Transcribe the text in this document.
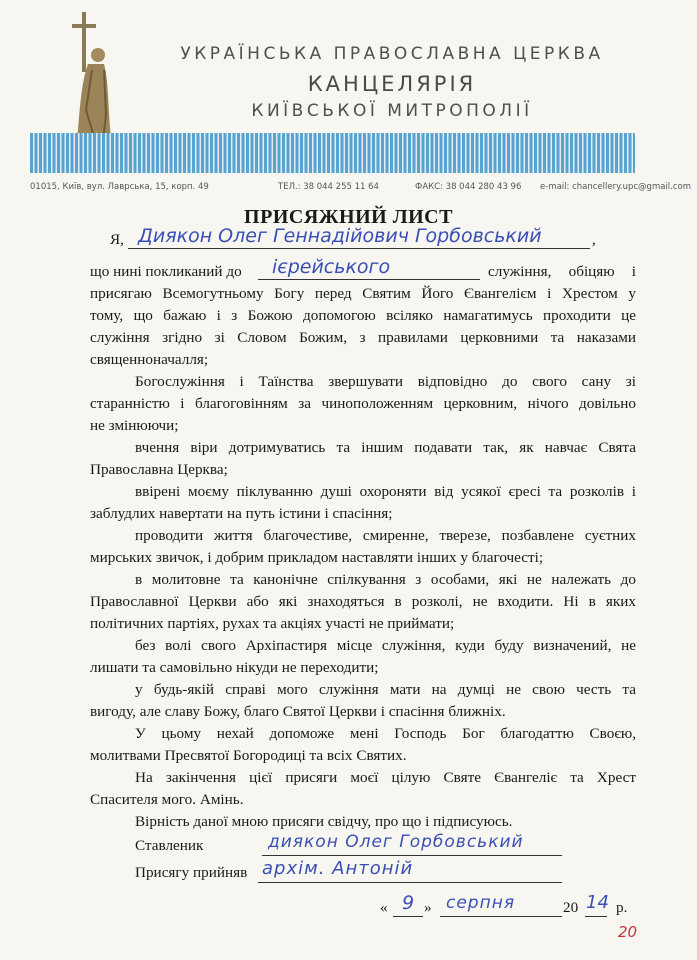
УКРАЇНСЬКА ПРАВОСЛАВНА ЦЕРКВА
КАНЦЕЛЯРІЯ
КИЇВСЬКОЇ МИТРОПОЛІЇ
01015, Київ, вул. Лаврська, 15, корп. 49	ТЕЛ.: 38 044 255 11 64	ФАКС: 38 044 280 43 96 e-mail: chancellery.upc@gmail.com
ПРИСЯЖНИЙ ЛИСТ
Я, Диякон Олег Геннадійович Горбовський	,
що нині покликаний до	ієрейського	служіння, обіцяю і
присягаю Всемогутньому Богу перед Святим Його Євангелієм і Хрестом у
тому, що бажаю і з Божою допомогою всіляко намагатимусь проходити це
служіння згідно зі Словом Божим, з правилами церковними та наказами
священноначалля;
Богослужіння і Таїнства звершувати відповідно до свого сану зі
старанністю і благоговінням за чиноположенням церковним, нічого довільно
не змінюючи;
вчення віри дотримуватись та іншим подавати так, як навчає Свята
Православна Церква;
ввірені моєму піклуванню душі охороняти від усякої єресі та розколів і
заблудлих навертати на путь істини і спасіння;
проводити життя благочестиве, смиренне, тверезе, позбавлене суєтних
мирських звичок, і добрим прикладом наставляти інших у благочесті;
в молитовне та канонічне спілкування з особами, які не належать до
Православної Церкви або які знаходяться в розколі, не входити. Ні в яких
політичних партіях, рухах та акціях участі не приймати;
без волі свого Архіпастиря місце служіння, куди буду визначений, не
лишати та самовільно нікуди не переходити;
у будь-якій справі мого служіння мати на думці не свою честь та
вигоду, але славу Божу, благо Святої Церкви і спасіння ближніх.
У цьому нехай допоможе мені Господь Бог благодаттю Своєю,
молитвами Пресвятої Богородиці та всіх Святих.
На закінчення цієї присяги моєї цілую Святе Євангеліє та Хрест
Спасителя мого. Амінь.
Вірність даної мною присяги свідчу, про що і підписуюсь.
Ставленик	диякон Олег Горбовський
Присягу прийняв архім. Антоній
« 9 » серпня	20 14 р.
20
